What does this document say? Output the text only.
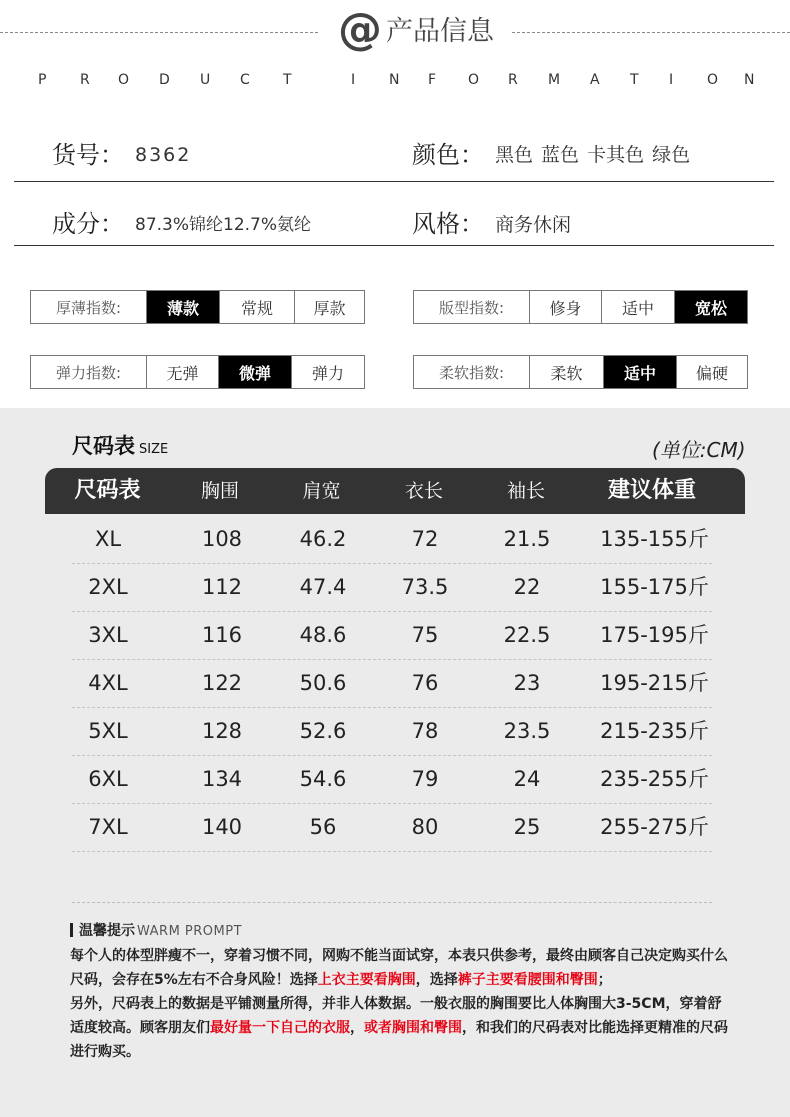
@ 产品信息
P R O D U C T	I N F O R M A T I O N
货号： 8362	颜色： 黑色 蓝色 卡其色 绿色
成分： 87.3%锦纶12.7%氨纶	风格： 商务休闲
厚薄指数:	薄款	常规	厚款	版型指数:	修身	适中	宽松
弹力指数:	无弹	微弹	弹力	柔软指数:	柔软	适中	偏硬
尺码表 SIZE	(单位:CM)
尺码表	胸围	肩宽	衣长	袖长	建议体重
XL	108	46.2	72	21.5	135-155斤
2XL	112	47.4	73.5	22	155-175斤
3XL	116	48.6	75	22.5	175-195斤
4XL	122	50.6	76	23	195-215斤
5XL	128	52.6	78	23.5	215-235斤
6XL	134	54.6	79	24	235-255斤
7XL	140	56	80	25	255-275斤
温馨提示 WARM PROMPT
每个人的体型胖瘦不一，穿着习惯不同，网购不能当面试穿，本表只供参考，最终由顾客自己决定购买什么尺码，会存在5%左右不合身风险！选择上衣主要看胸围，选择裤子主要看腰围和臀围；
另外，尺码表上的数据是平铺测量所得，并非人体数据。一般衣服的胸围要比人体胸围大3-5CM，穿着舒适度较高。顾客朋友们最好量一下自己的衣服，或者胸围和臀围，和我们的尺码表对比能选择更精准的尺码进行购买。
